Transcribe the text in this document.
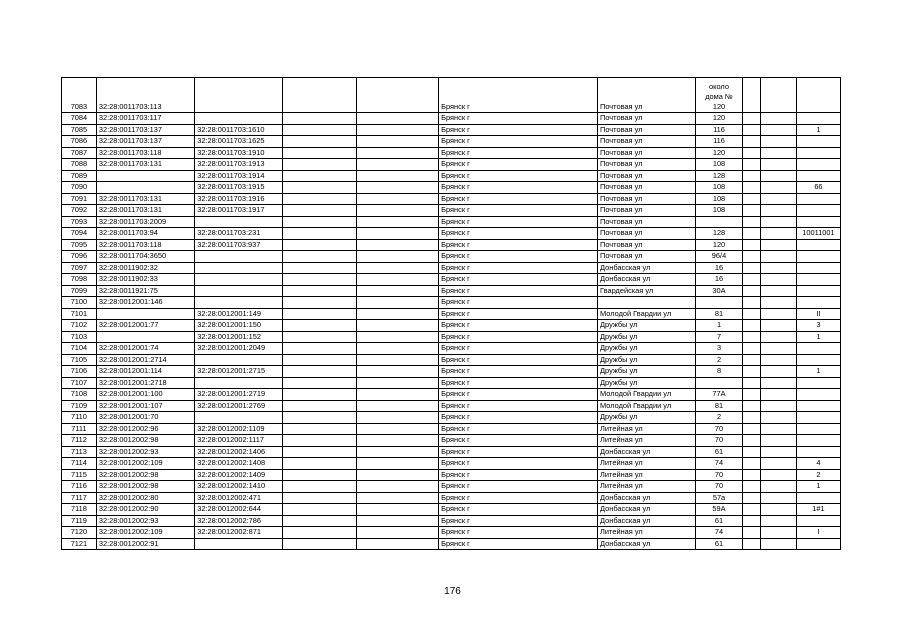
7083	32:28:0011703:113				Брянск г	Почтовая ул	около
дома №
120			

7084	32:28:0011703:117				Брянск г	Почтовая ул	120			
7085	32:28:0011703:137	32:28:0011703:1610			Брянск г	Почтовая ул	116			1
7086	32:28:0011703:137	32:28:0011703:1625			Брянск г	Почтовая ул	116			
7087	32:28:0011703:118	32:28:0011703:1910			Брянск г	Почтовая ул	120			
7088	32:28:0011703:131	32:28:0011703:1913			Брянск г	Почтовая ул	108			
7089		32:28:0011703:1914			Брянск г	Почтовая ул	128			
7090		32:28:0011703:1915			Брянск г	Почтовая ул	108			66
7091	32:28:0011703:131	32:28:0011703:1916			Брянск г	Почтовая ул	108			
7092	32:28:0011703:131	32:28:0011703:1917			Брянск г	Почтовая ул	108			
7093	32:28:0011703:2009				Брянск г	Почтовая ул				
7094	32:28:0011703:94	32:28:0011703:231			Брянск г	Почтовая ул	128			10011001
7095	32:28:0011703:118	32:28:0011703:937			Брянск г	Почтовая ул	120			
7096	32:28:0011704:3650				Брянск г	Почтовая ул	96/4			
7097	32:28:0011902:32				Брянск г	Донбасская ул	16			
7098	32:28:0011902:33				Брянск г	Донбасская ул	16			
7099	32:28:0011921:75				Брянск г	Гвардейская ул	30А			
7100	32:28:0012001:146				Брянск г					
7101		32:28:0012001:149			Брянск г	Молодой Гвардии ул	81			II
7102	32:28:0012001:77	32:28:0012001:150			Брянск г	Дружбы ул	1			3
7103		32:28:0012001:152			Брянск г	Дружбы ул	7			1
7104	32:28:0012001:74	32:28:0012001:2049			Брянск г	Дружбы ул	3			
7105	32:28:0012001:2714				Брянск г	Дружбы ул	2			
7106	32:28:0012001:114	32:28:0012001:2715			Брянск г	Дружбы ул	8			1
7107	32:28:0012001:2718				Брянск г	Дружбы ул				
7108	32:28:0012001:100	32:28:0012001:2719			Брянск г	Молодой Гвардии ул	77А			
7109	32:28:0012001:107	32:28:0012001:2769			Брянск г	Молодой Гвардии ул	81			
7110	32:28:0012001:70				Брянск г	Дружбы ул	2			
7111	32:28:0012002:96	32:28:0012002:1109			Брянск г	Литейная ул	70			
7112	32:28:0012002:98	32:28:0012002:1117			Брянск г	Литейная ул	70			
7113	32:28:0012002:93	32:28:0012002:1406			Брянск г	Донбасская ул	61			
7114	32:28:0012002:109	32:28:0012002:1408			Брянск г	Литейная ул	74			4
7115	32:28:0012002:98	32:28:0012002:1409			Брянск г	Литейная ул	70			2
7116	32:28:0012002:98	32:28:0012002:1410			Брянск г	Литейная ул	70			1
7117	32:28:0012002:80	32:28:0012002:471			Брянск г	Донбасская ул	57а			
7118	32:28:0012002:90	32:28:0012002:644			Брянск г	Донбасская ул	59А			1#1
7119	32:28:0012002:93	32:28:0012002:786			Брянск г	Донбасская ул	61			
7120	32:28:0012002:109	32:28:0012002:871			Брянск г	Литейная ул	74			I
7121	32:28:0012002:91				Брянск г	Донбасская ул	61			
176
